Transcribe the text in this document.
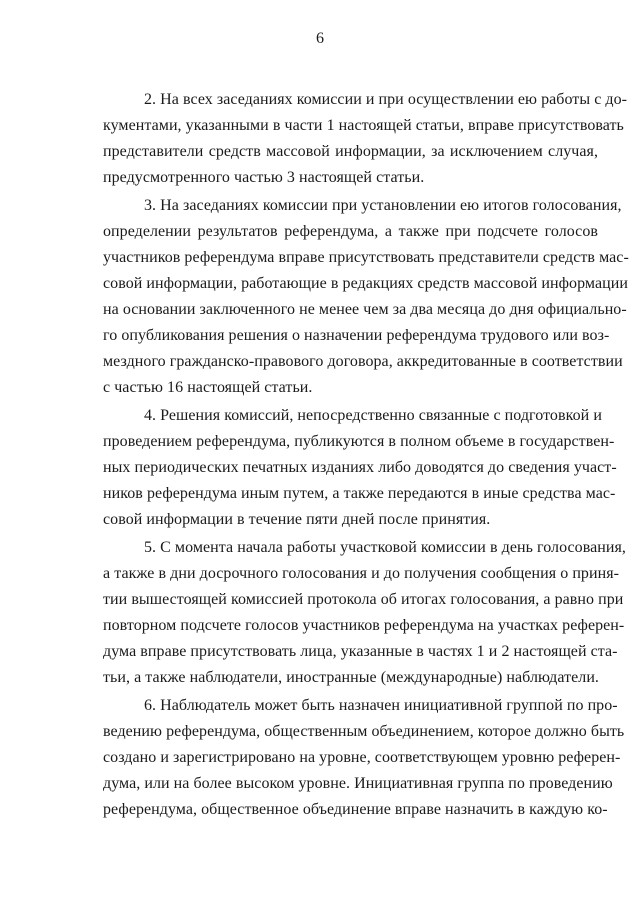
6
2. На всех заседаниях комиссии и при осуществлении ею работы с до-
кументами, указанными в части 1 настоящей статьи, вправе присутствовать
представители средств массовой информации, за исключением случая,
предусмотренного частью 3 настоящей статьи.
3. На заседаниях комиссии при установлении ею итогов голосования,
определении результатов референдума, а также при подсчете голосов
участников референдума вправе присутствовать представители средств мас-
совой информации, работающие в редакциях средств массовой информации
на основании заключенного не менее чем за два месяца до дня официально-
го опубликования решения о назначении референдума трудового или воз-
мездного гражданско-правового договора, аккредитованные в соответствии
с частью 16 настоящей статьи.
4. Решения комиссий, непосредственно связанные с подготовкой и
проведением референдума, публикуются в полном объеме в государствен-
ных периодических печатных изданиях либо доводятся до сведения участ-
ников референдума иным путем, а также передаются в иные средства мас-
совой информации в течение пяти дней после принятия.
5. С момента начала работы участковой комиссии в день голосования,
а также в дни досрочного голосования и до получения сообщения о приня-
тии вышестоящей комиссией протокола об итогах голосования, а равно при
повторном подсчете голосов участников референдума на участках референ-
дума вправе присутствовать лица, указанные в частях 1 и 2 настоящей ста-
тьи, а также наблюдатели, иностранные (международные) наблюдатели.
6. Наблюдатель может быть назначен инициативной группой по про-
ведению референдума, общественным объединением, которое должно быть
создано и зарегистрировано на уровне, соответствующем уровню референ-
дума, или на более высоком уровне. Инициативная группа по проведению
референдума, общественное объединение вправе назначить в каждую ко-
